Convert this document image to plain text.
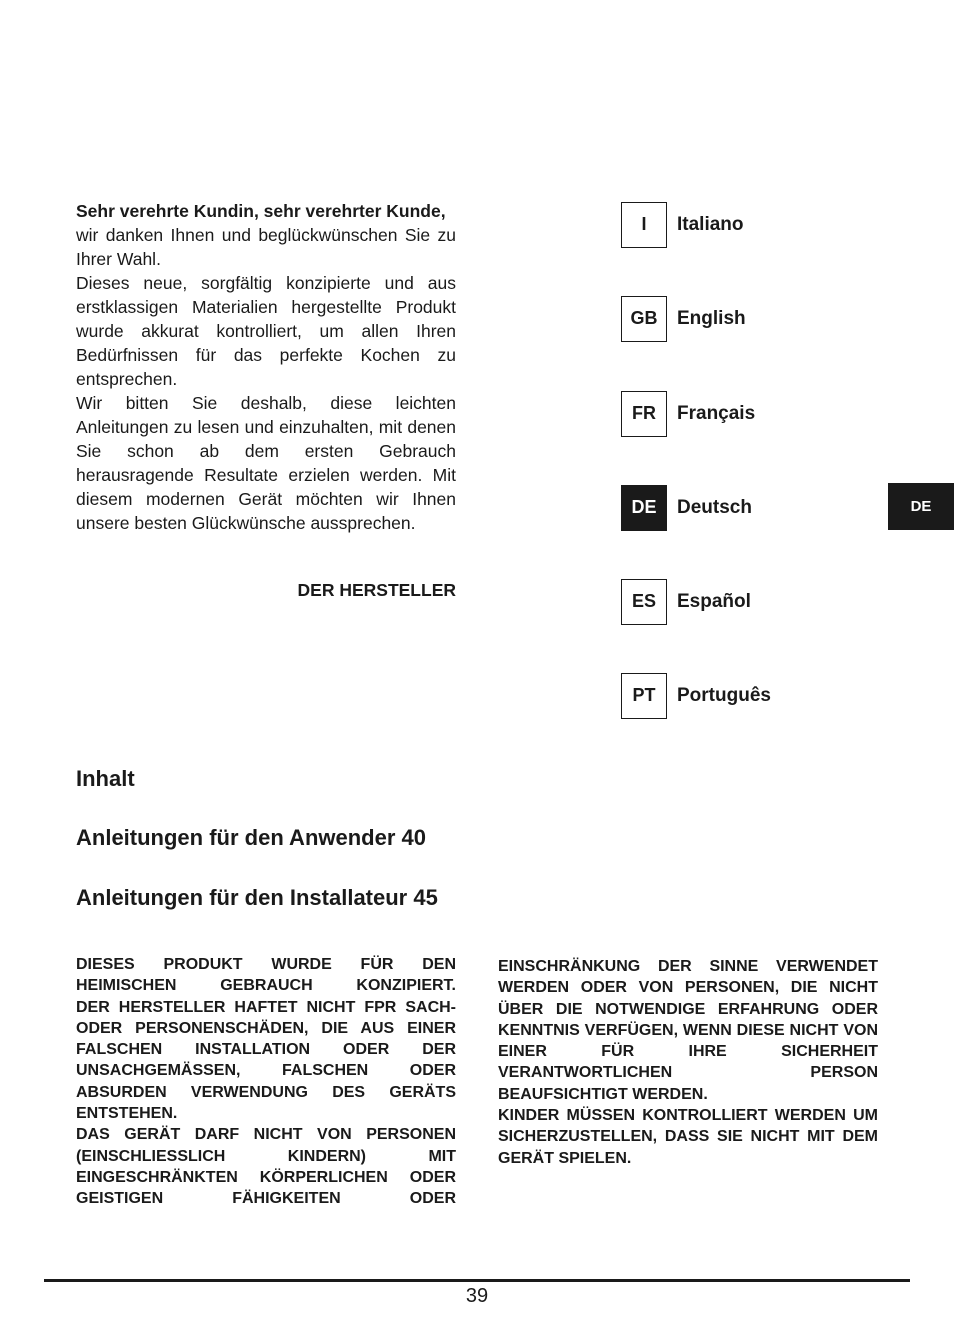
Sehr verehrte Kundin, sehr verehrter Kunde,

wir danken Ihnen und beglückwünschen Sie zu Ihrer Wahl.

Dieses neue, sorgfältig konzipierte und aus erstklassigen Materialien hergestellte Produkt wurde akkurat kontrolliert, um allen Ihren Bedürfnissen für das perfekte Kochen zu entsprechen.

Wir bitten Sie deshalb, diese leichten Anleitungen zu lesen und einzuhalten, mit denen Sie schon ab dem ersten Gebrauch herausragende Resultate erzielen werden. Mit diesem modernen Gerät möchten wir Ihnen unsere besten Glückwünsche aussprechen.

DER HERSTELLER
I	Italiano
GB	English
FR	Français
DE	Deutsch
ES	Español
PT	Português
DE
Inhalt
Anleitungen für den Anwender 40
Anleitungen für den Installateur 45

DIESES PRODUKT WURDE FÜR DEN HEIMISCHEN GEBRAUCH KONZIPIERT.

DER HERSTELLER HAFTET NICHT FPR SACH- ODER PERSONENSCHÄDEN, DIE AUS EINER FALSCHEN INSTALLATION ODER DER UNSACHGEMÄSSEN, FALSCHEN ODER ABSURDEN VERWENDUNG DES GERÄTS ENTSTEHEN.

DAS GERÄT DARF NICHT VON PERSONEN (EINSCHLIESSLICH KINDERN) MIT EINGESCHRÄNKTEN KÖRPERLICHEN ODER GEISTIGEN FÄHIGKEITEN ODER

EINSCHRÄNKUNG DER SINNE VERWENDET WERDEN ODER VON PERSONEN, DIE NICHT ÜBER DIE NOTWENDIGE ERFAHRUNG ODER KENNTNIS VERFÜGEN, WENN DIESE NICHT VON EINER FÜR IHRE SICHERHEIT VERANTWORTLICHEN PERSON BEAUFSICHTIGT WERDEN.

KINDER MÜSSEN KONTROLLIERT WERDEN UM SICHERZUSTELLEN, DASS SIE NICHT MIT DEM GERÄT SPIELEN.

39
